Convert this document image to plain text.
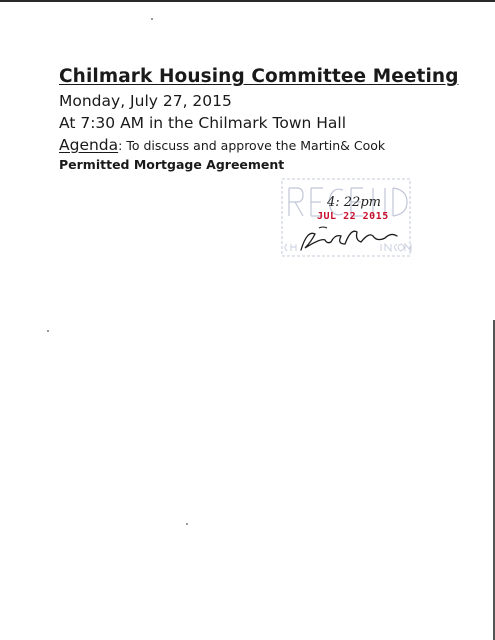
Chilmark Housing Committee Meeting
Monday, July 27, 2015
At 7:30 AM in the Chilmark Town Hall
Agenda: To discuss and approve the Martin& Cook
Permitted Mortgage Agreement
4: 22pm
JUL 22 2015
